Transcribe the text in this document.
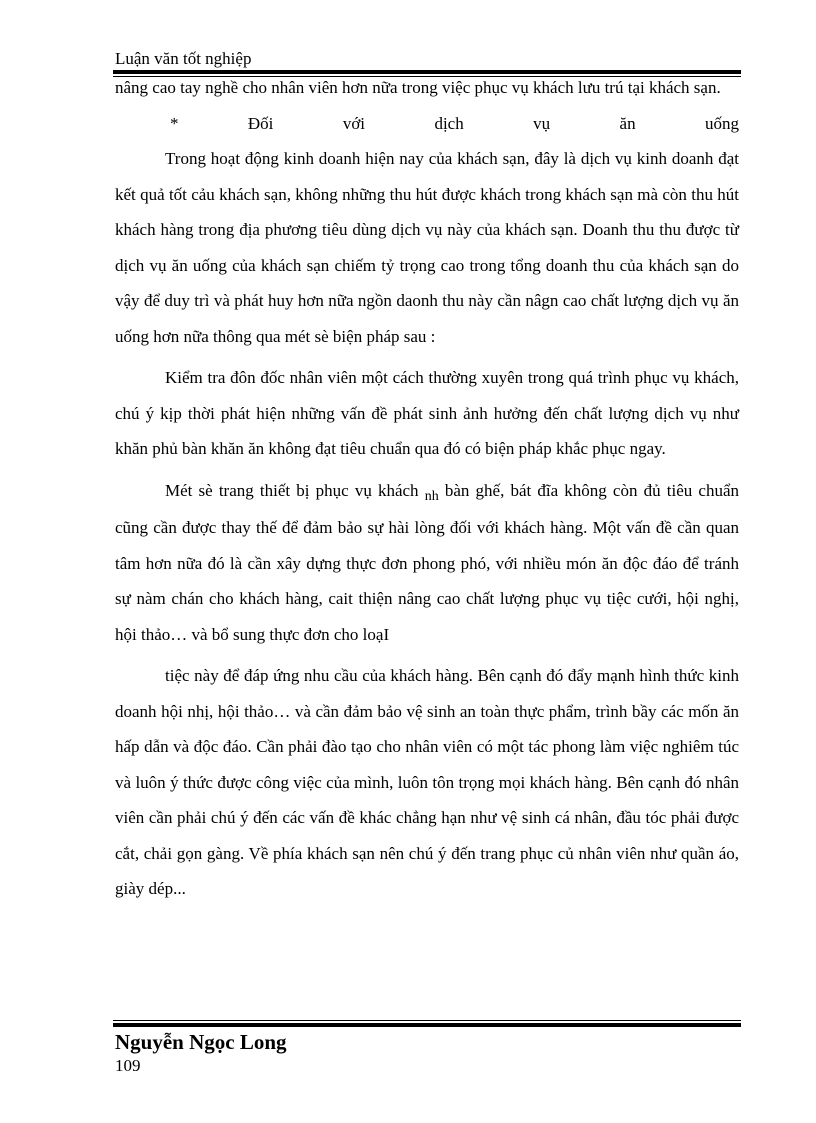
Luận văn tốt nghiệp

nâng cao tay nghề cho nhân viên hơn nữa trong việc phục vụ khách lưu trú tại khách sạn.

*	Đối	với	dịch	vụ	ăn	uống

Trong hoạt động kinh doanh hiện nay của khách sạn, đây là dịch vụ kinh doanh đạt kết quả tốt cảu khách sạn, không những thu hút được khách trong khách sạn mà còn thu hút khách hàng trong địa phương tiêu dùng dịch vụ này của khách sạn. Doanh thu thu được từ dịch vụ ăn uống của khách sạn chiếm tỷ trọng cao trong tổng doanh thu của khách sạn do vậy để duy trì và phát huy hơn nữa ngồn daonh thu này cần nâgn cao chất lượng dịch vụ ăn uống hơn nữa thông qua mét sè biện pháp sau :

Kiểm tra đôn đốc nhân viên một cách thường xuyên trong quá trình phục vụ khách, chú ý kịp thời phát hiện những vấn đề phát sinh ảnh hưởng đến chất lượng dịch vụ như khăn phủ bàn khăn ăn không đạt tiêu chuẩn qua đó có biện pháp khắc phục ngay.

Mét sè trang thiết bị phục vụ khách $_{nh}$ bàn ghế, bát đĩa không còn đủ tiêu chuẩn cũng cần được thay thế để đảm bảo sự hài lòng đối với khách hàng. Một vấn đề cần quan tâm hơn nữa đó là cần xây dựng thực đơn phong phó, với nhiều món ăn độc đáo để tránh sự nàm chán cho khách hàng, cait thiện nâng cao chất lượng phục vụ tiệc cưới, hội nghị, hội thảo… và bổ sung thực đơn cho loạI

tiệc này để đáp ứng nhu cầu của khách hàng. Bên cạnh đó đẩy mạnh hình thức kinh doanh hội nhị, hội thảo… và cần đảm bảo vệ sinh an toàn thực phẩm, trình bầy các mốn ăn hấp dẫn và độc đáo. Cần phải đào tạo cho nhân viên có một tác phong làm việc nghiêm túc và luôn ý thức được công việc của mình, luôn tôn trọng mọi khách hàng. Bên cạnh đó nhân viên cần phải chú ý đến các vấn đề khác chẳng hạn như vệ sinh cá nhân, đầu tóc phải được cắt, chải gọn gàng. Về phía khách sạn nên chú ý đến trang phục củ nhân viên như quần áo, giày dép...

Nguyễn Ngọc Long
109
